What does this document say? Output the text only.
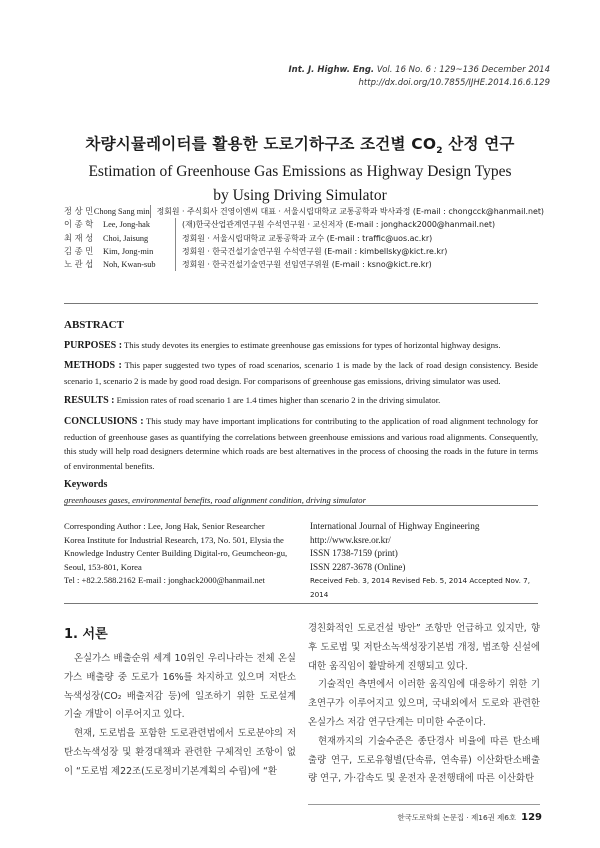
Int. J. Highw. Eng. Vol. 16 No. 6 : 129~136 December 2014
http://dx.doi.org/10.7855/IJHE.2014.16.6.129
차량시뮬레이터를 활용한 도로기하구조 조건별 $CO_2$ 산정 연구
Estimation of Greenhouse Gas Emissions as Highway Design Types
by Using Driving Simulator
정 상 민 Chong Sang min 정회원 · 주식회사 건영이엔씨 대표 · 서울시립대학교 교통공학과 박사과정 (E-mail : chongcck@hanmail.net)
이 종 학	Lee, Jong-hak	(재)한국산업관계연구원 수석연구원 · 교신저자 (E-mail : jonghack2000@hanmail.net)
최 재 성	Choi, Jaisung	정회원 · 서울시립대학교 교통공학과 교수 (E-mail : traffic@uos.ac.kr)
김 종 민	Kim, Jong-min	정회원 · 한국건설기술연구원 수석연구원 (E-mail : kimbellsky@kict.re.kr)
노 관 섭	Noh, Kwan-sub	정회원 · 한국건설기술연구원 선임연구위원 (E-mail : ksno@kict.re.kr)
ABSTRACT

PURPOSES : This study devotes its energies to estimate greenhouse gas emissions for types of horizontal highway designs.

METHODS : This paper suggested two types of road scenarios, scenario 1 is made by the lack of road design consistency. Beside scenario 1, scenario 2 is made by good road design. For comparisons of greenhouse gas emissions, driving simulator was used.

RESULTS : Emission rates of road scenario 1 are 1.4 times higher than scenario 2 in the driving simulator.

CONCLUSIONS : This study may have important implications for contributing to the application of road alignment technology for reduction of greenhouse gases as quantifying the correlations between greenhouse emissions and various road alignments. Consequently, this study will help road designers determine which roads are best alternatives in the process of choosing the roads in the future in terms of environmental benefits.

Keywords
greenhouses gases, environmental benefits, road alignment condition, driving simulator
Corresponding Author : Lee, Jong Hak, Senior Researcher
Korea Institute for Industrial Research, 173, No. 501, Elysia the
Knowledge Industry Center Building Digital-ro, Geumcheon-gu,
Seoul, 153-801, Korea
Tel : +82.2.588.2162 E-mail : jonghack2000@hanmail.net
International Journal of Highway Engineering
http://www.ksre.or.kr/
ISSN 1738-7159 (print)
ISSN 2287-3678 (Online)
Received Feb. 3, 2014 Revised Feb. 5, 2014 Accepted Nov. 7, 2014
1. 서론

온실가스 배출순위 세계 10위인 우리나라는 전체 온실가스 배출량 중 도로가 16%를 차지하고 있으며 저탄소 녹색성장(CO₂ 배출저감 등)에 일조하기 위한 도로설계 기술 개발이 이루어지고 있다.

현재, 도로법을 포함한 도로관련법에서 도로분야의 저탄소녹색성장 및 환경대책과 관련한 구체적인 조항이 없이 “도로법 제22조(도로정비기본계획의 수립)에 “환

경친화적인 도로건설 방안” 조항만 언급하고 있지만, 향후 도로법 및 저탄소녹색성장기본법 개정, 법조항 신설에 대한 움직임이 활발하게 진행되고 있다.

기술적인 측면에서 이러한 움직임에 대응하기 위한 기초연구가 이루어지고 있으며, 국내외에서 도로와 관련한 온실가스 저감 연구단계는 미미한 수준이다.

현재까지의 기술수준은 종단경사 비율에 따른 탄소배출량 연구, 도로유형별(단속류, 연속류) 이산화탄소배출량 연구, 가·감속도 및 운전자 운전행태에 따른 이산화탄

한국도로학회 논문집 · 제16권 제6호 129
